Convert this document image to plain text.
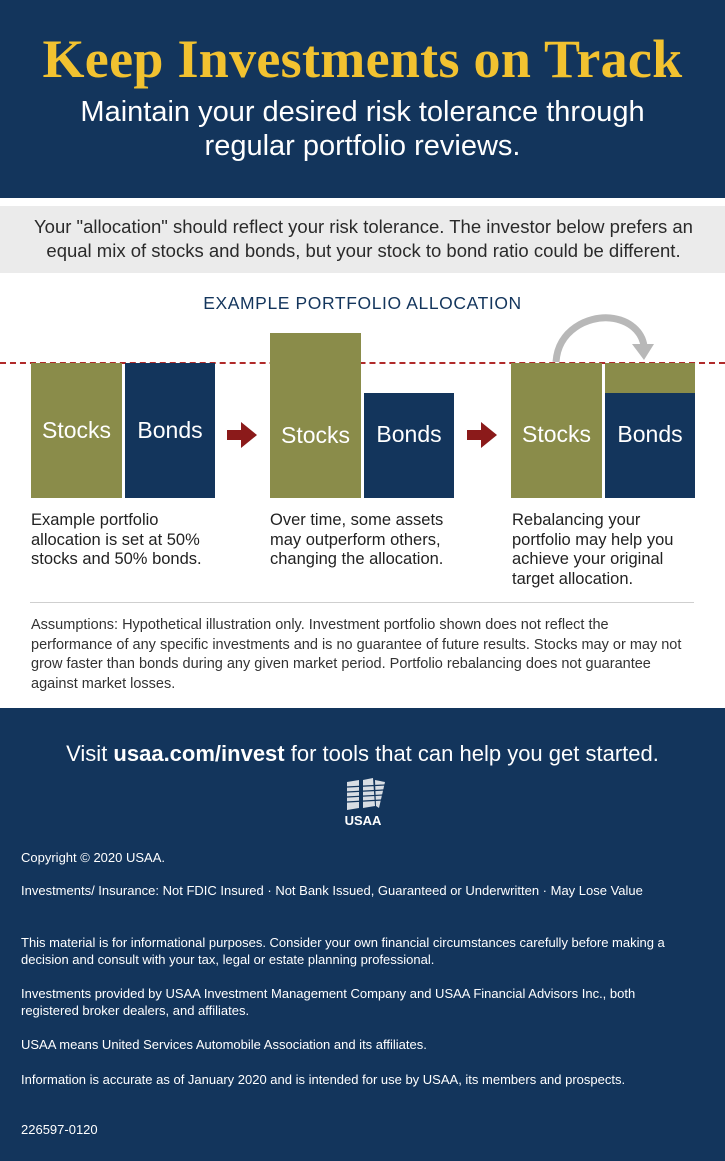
Keep Investments on Track
Maintain your desired risk tolerance through regular portfolio reviews.
Your "allocation" should reflect your risk tolerance. The investor below prefers an equal mix of stocks and bonds, but your stock to bond ratio could be different.
EXAMPLE PORTFOLIO ALLOCATION
Stocks Bonds	Stocks Bonds	Stocks Bonds
Example portfolio allocation is set at 50% stocks and 50% bonds.
Over time, some assets may outperform others, changing the allocation.
Rebalancing your portfolio may help you achieve your original target allocation.
Assumptions: Hypothetical illustration only. Investment portfolio shown does not reflect the performance of any specific investments and is no guarantee of future results. Stocks may or may not grow faster than bonds during any given market period. Portfolio rebalancing does not guarantee against market losses.
Visit usaa.com/invest for tools that can help you get started.
USAA
Copyright © 2020 USAA.
Investments/ Insurance: Not FDIC Insured · Not Bank Issued, Guaranteed or Underwritten · May Lose Value
This material is for informational purposes. Consider your own financial circumstances carefully before making a decision and consult with your tax, legal or estate planning professional.
Investments provided by USAA Investment Management Company and USAA Financial Advisors Inc., both registered broker dealers, and affiliates.
USAA means United Services Automobile Association and its affiliates.
Information is accurate as of January 2020 and is intended for use by USAA, its members and prospects.
226597-0120
